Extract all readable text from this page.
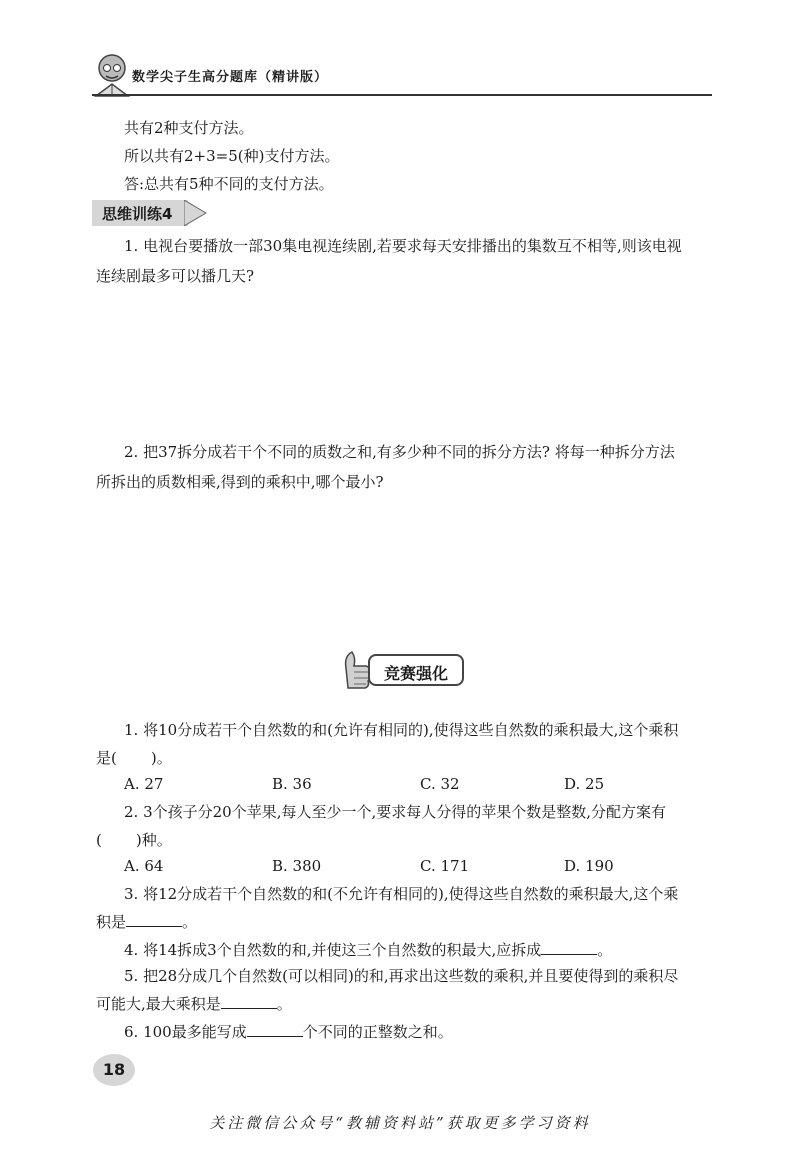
数学尖子生高分题库（精讲版）
共有2种支付方法。
所以共有2+3=5(种)支付方法。
答:总共有5种不同的支付方法。
思维训练4
1. 电视台要播放一部30集电视连续剧,若要求每天安排播出的集数互不相等,则该电视
连续剧最多可以播几天?
2. 把37拆分成若干个不同的质数之和,有多少种不同的拆分方法? 将每一种拆分方法
所拆出的质数相乘,得到的乘积中,哪个最小?
竞赛强化
1. 将10分成若干个自然数的和(允许有相同的),使得这些自然数的乘积最大,这个乘积
是( )。
A. 27	B. 36	C. 32	D. 25
2. 3个孩子分20个苹果,每人至少一个,要求每人分得的苹果个数是整数,分配方案有
( )种。
A. 64	B. 380	C. 171	D. 190
3. 将12分成若干个自然数的和(不允许有相同的),使得这些自然数的乘积最大,这个乘
积是	。
4. 将14拆成3个自然数的和,并使这三个自然数的积最大,应拆成	。
5. 把28分成几个自然数(可以相同)的和,再求出这些数的乘积,并且要使得到的乘积尽
可能大,最大乘积是	。
6. 100最多能写成	个不同的正整数之和。
18
关注微信公众号“教辅资料站”获取更多学习资料
